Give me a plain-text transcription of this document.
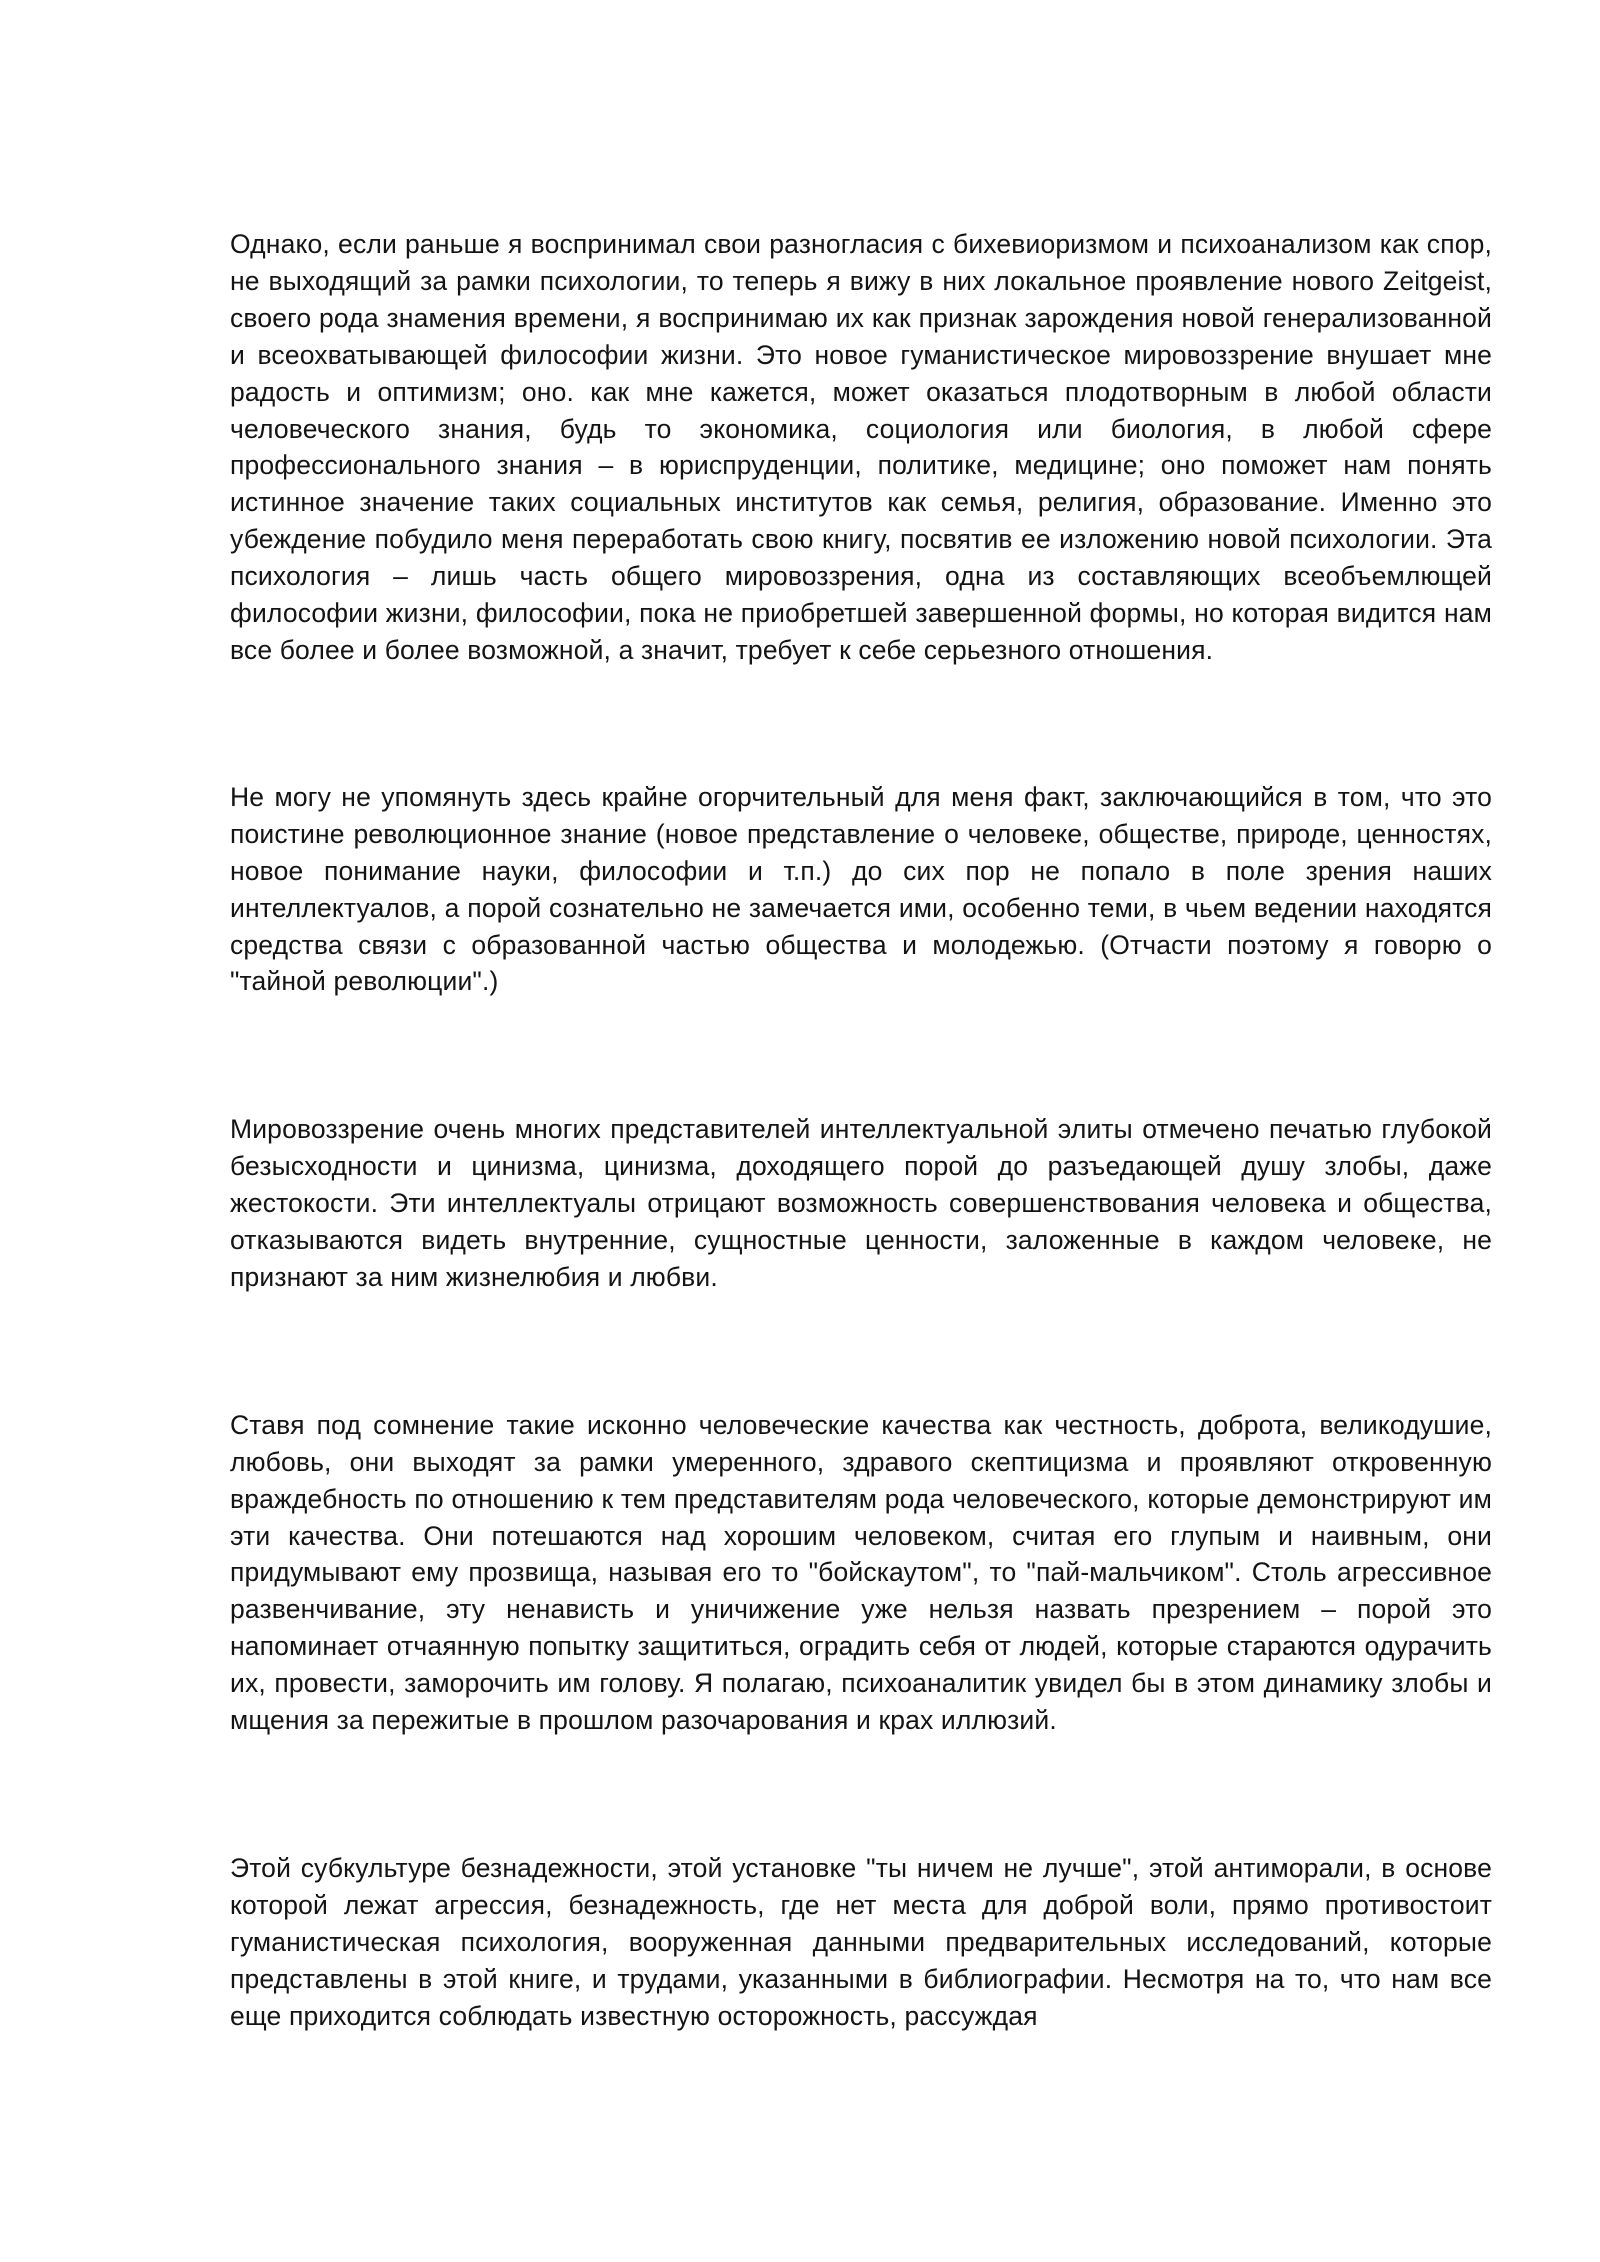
Однако, если раньше я воспринимал свои разногласия с бихевиоризмом и психоанализом как спор, не выходящий за рамки психологии, то теперь я вижу в них локальное проявление нового Zeitgeist, своего рода знамения времени, я воспринимаю их как признак зарождения новой генерализованной и всеохватывающей философии жизни. Это новое гуманистическое мировоззрение внушает мне радость и оптимизм; оно. как мне кажется, может оказаться плодотворным в любой области человеческого знания, будь то экономика, социология или биология, в любой сфере профессионального знания – в юриспруденции, политике, медицине; оно поможет нам понять истинное значение таких социальных институтов как семья, религия, образование. Именно это убеждение побудило меня переработать свою книгу, посвятив ее изложению новой психологии. Эта психология – лишь часть общего мировоззрения, одна из составляющих всеобъемлющей философии жизни, философии, пока не приобретшей завершенной формы, но которая видится нам все более и более возможной, а значит, требует к себе серьезного отношения.

Не могу не упомянуть здесь крайне огорчительный для меня факт, заключающийся в том, что это поистине революционное знание (новое представление о человеке, обществе, природе, ценностях, новое понимание науки, философии и т.п.) до сих пор не попало в поле зрения наших интеллектуалов, а порой сознательно не замечается ими, особенно теми, в чьем ведении находятся средства связи с образованной частью общества и молодежью. (Отчасти поэтому я говорю о "тайной революции".)

Мировоззрение очень многих представителей интеллектуальной элиты отмечено печатью глубокой безысходности и цинизма, цинизма, доходящего порой до разъедающей душу злобы, даже жестокости. Эти интеллектуалы отрицают возможность совершенствования человека и общества, отказываются видеть внутренние, сущностные ценности, заложенные в каждом человеке, не признают за ним жизнелюбия и любви.

Ставя под сомнение такие исконно человеческие качества как честность, доброта, великодушие, любовь, они выходят за рамки умеренного, здравого скептицизма и проявляют откровенную враждебность по отношению к тем представителям рода человеческого, которые демонстрируют им эти качества. Они потешаются над хорошим человеком, считая его глупым и наивным, они придумывают ему прозвища, называя его то "бойскаутом", то "пай-мальчиком". Столь агрессивное развенчивание, эту ненависть и уничижение уже нельзя назвать презрением – порой это напоминает отчаянную попытку защититься, оградить себя от людей, которые стараются одурачить их, провести, заморочить им голову. Я полагаю, психоаналитик увидел бы в этом динамику злобы и мщения за пережитые в прошлом разочарования и крах иллюзий.

Этой субкультуре безнадежности, этой установке "ты ничем не лучше", этой антиморали, в основе которой лежат агрессия, безнадежность, где нет места для доброй воли, прямо противостоит гуманистическая психология, вооруженная данными предварительных исследований, которые представлены в этой книге, и трудами, указанными в библиографии. Несмотря на то, что нам все еще приходится соблюдать известную осторожность, рассуждая
